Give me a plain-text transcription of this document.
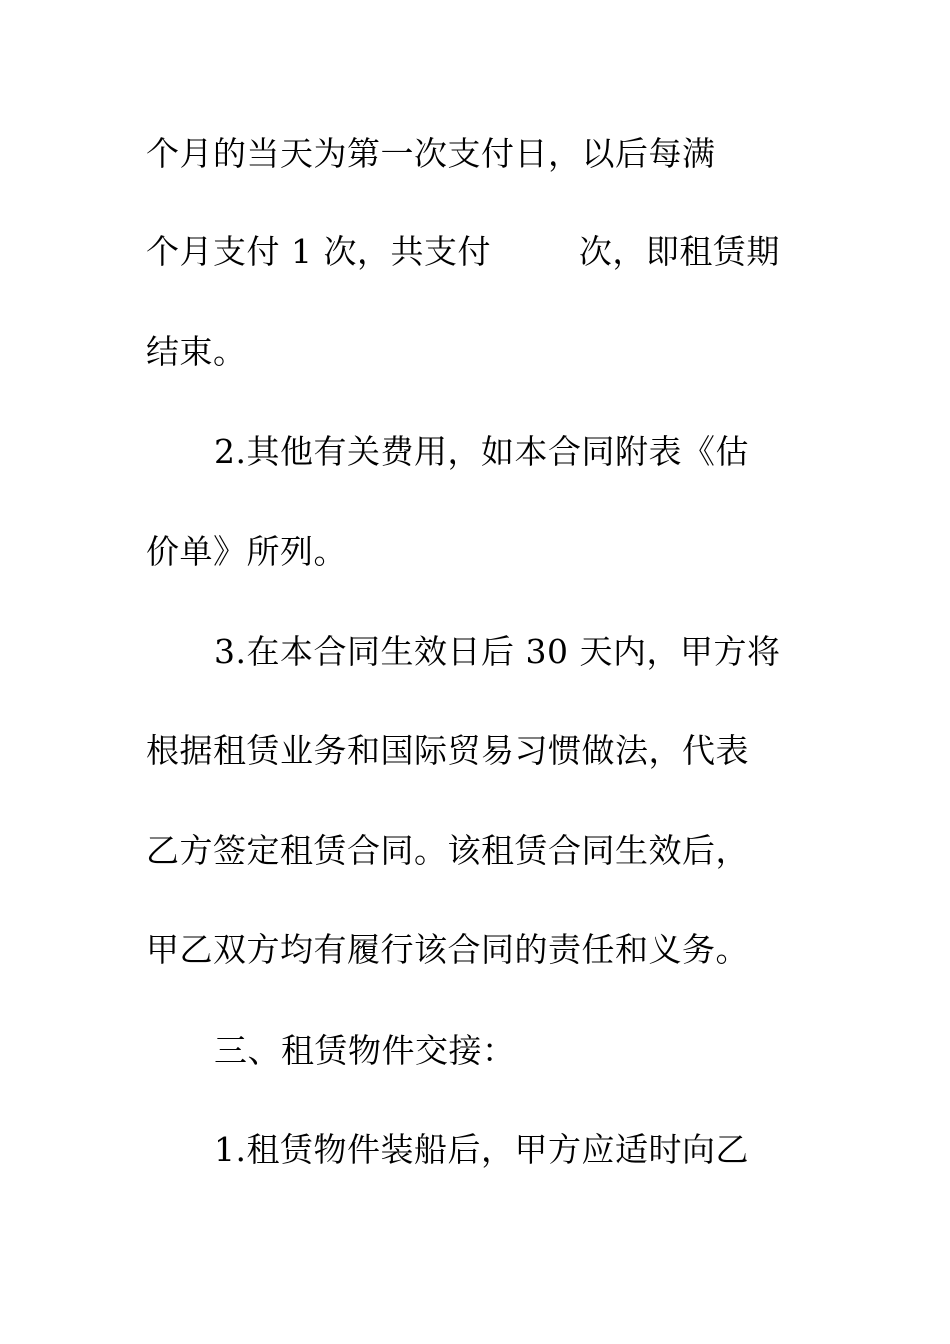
个月的当天为第一次支付日，以后每满
个月支付 1 次，共支付        次，即租赁期
结束。
2.其他有关费用，如本合同附表《估
价单》所列。
3.在本合同生效日后 30 天内，甲方将
根据租赁业务和国际贸易习惯做法，代表
乙方签定租赁合同。该租赁合同生效后，
甲乙双方均有履行该合同的责任和义务。
三、租赁物件交接：
1.租赁物件装船后，甲方应适时向乙
